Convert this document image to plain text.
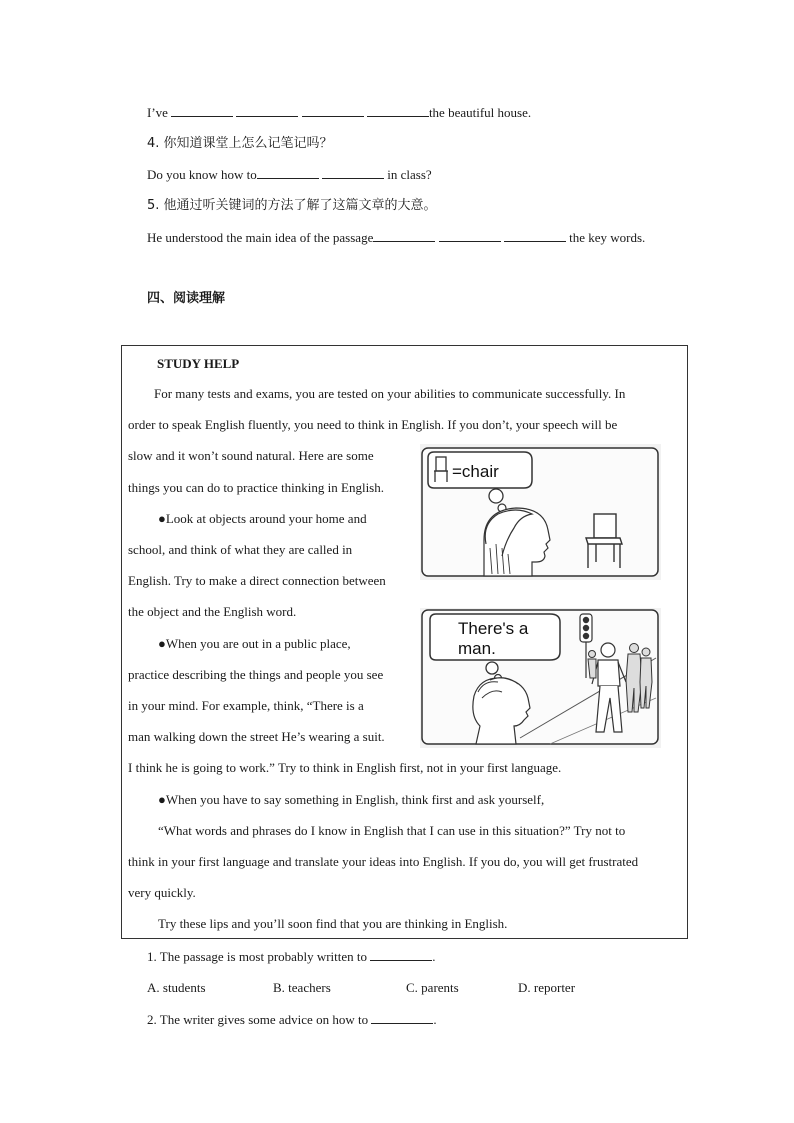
I’ve	the beautiful house.
4. 你知道课堂上怎么记笔记吗？
Do you know how to	in class?
5. 他通过听关键词的方法了解了这篇文章的大意。
He understood the main idea of the passage	the key words.
四、阅读理解
STUDY HELP
For many tests and exams, you are tested on your abilities to communicate successfully. In
order to speak English fluently, you need to think in English. If you don’t, your speech will be
slow and it won’t sound natural. Here are some
things you can do to practice thinking in English.
●Look at objects around your home and
school, and think of what they are called in
English. Try to make a direct connection between
the object and the English word.
●When you are out in a public place,
practice describing the things and people you see
in your mind. For example, think, “There is a
man walking down the street He’s wearing a suit.
I think he is going to work.” Try to think in English first, not in your first language.
●When you have to say something in English, think first and ask yourself,
“What words and phrases do I know in English that I can use in this situation?” Try not to
think in your first language and translate your ideas into English. If you do, you will get frustrated
very quickly.
Try these lips and you’ll soon find that you are thinking in English.
=chair
There's a
man.
1. The passage is most probably written to	.
A. students	B. teachers	C. parents	D. reporter
2. The writer gives some advice on how to	.
